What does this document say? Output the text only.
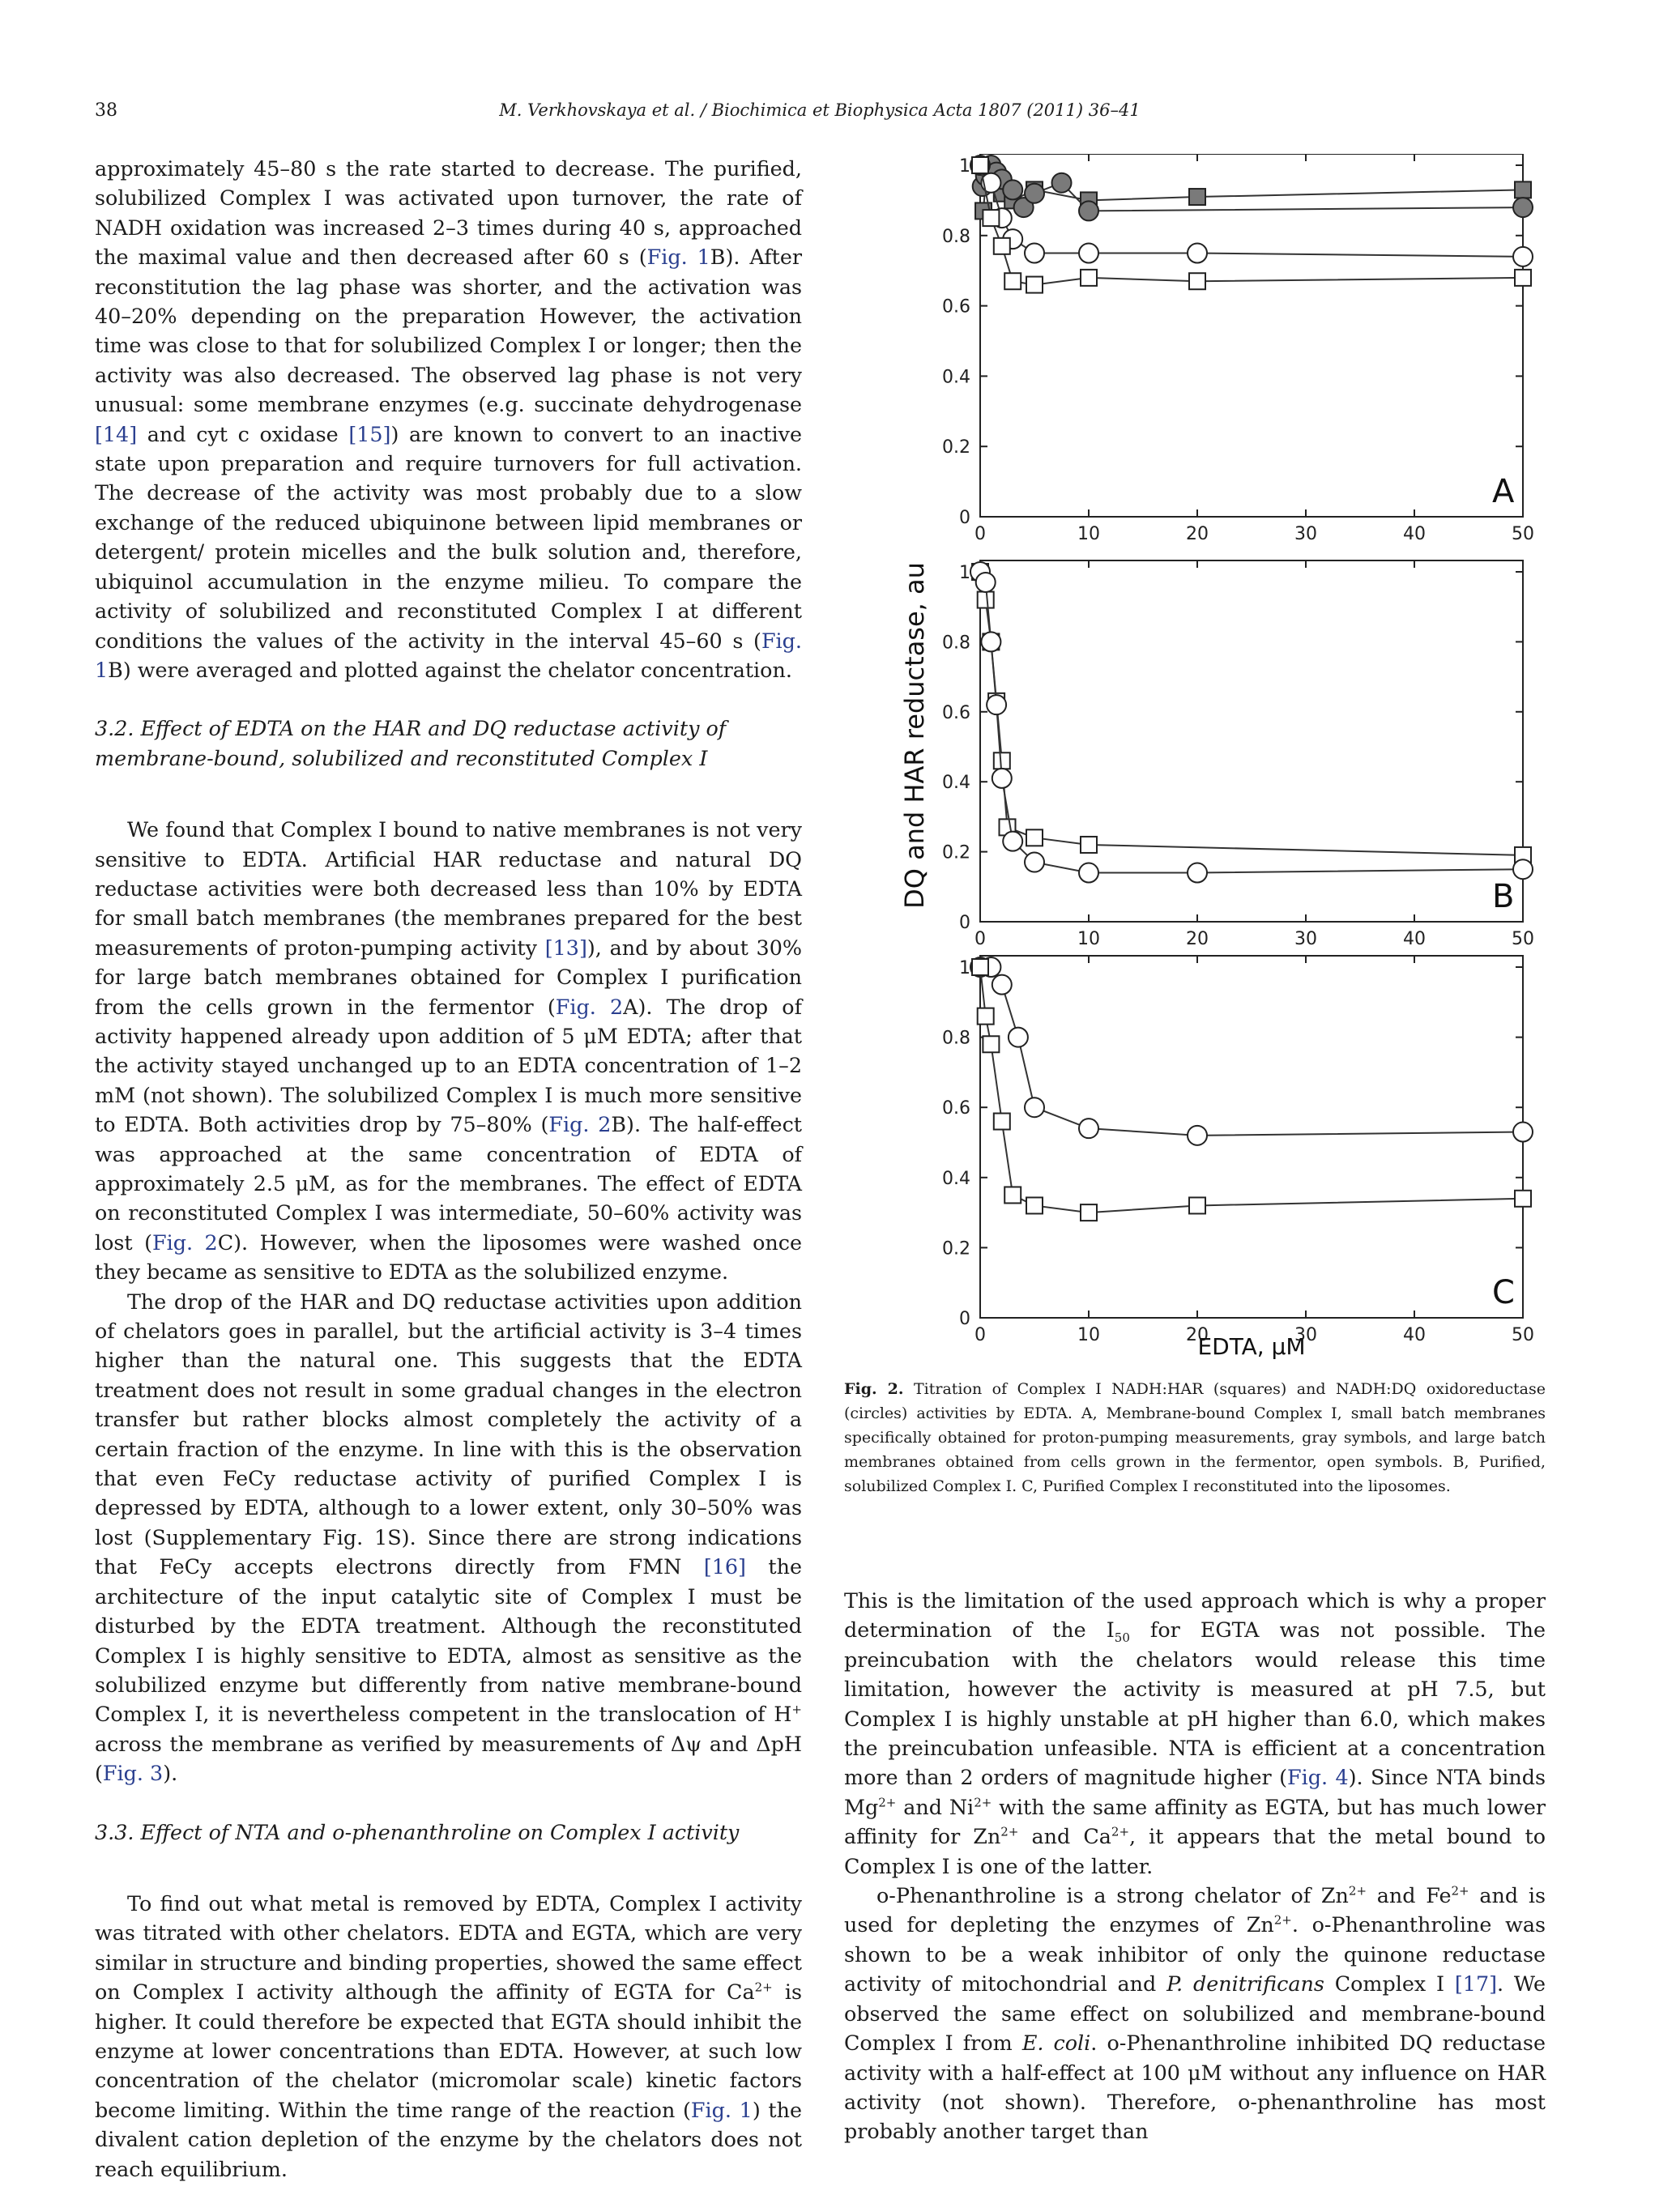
38	M. Verkhovskaya et al. / Biochimica et Biophysica Acta 1807 (2011) 36–41

approximately 45–80 s the rate started to decrease. The purified, solubilized Complex I was activated upon turnover, the rate of NADH oxidation was increased 2–3 times during 40 s, approached the maximal value and then decreased after 60 s (Fig. 1B). After reconstitution the lag phase was shorter, and the activation was 40–20% depending on the preparation However, the activation time was close to that for solubilized Complex I or longer; then the activity was also decreased. The observed lag phase is not very unusual: some membrane enzymes (e.g. succinate dehydrogenase [14] and cyt c oxidase [15]) are known to convert to an inactive state upon preparation and require turnovers for full activation. The decrease of the activity was most probably due to a slow exchange of the reduced ubiquinone between lipid membranes or detergent/ protein micelles and the bulk solution and, therefore, ubiquinol accumulation in the enzyme milieu. To compare the activity of solubilized and reconstituted Complex I at different conditions the values of the activity in the interval 45–60 s (Fig. 1B) were averaged and plotted against the chelator concentration.

3.2. Effect of EDTA on the HAR and DQ reductase activity of
membrane-bound, solubilized and reconstituted Complex I

We found that Complex I bound to native membranes is not very sensitive to EDTA. Artificial HAR reductase and natural DQ reductase activities were both decreased less than 10% by EDTA for small batch membranes (the membranes prepared for the best measurements of proton-pumping activity [13]), and by about 30% for large batch membranes obtained for Complex I purification from the cells grown in the fermentor (Fig. 2A). The drop of activity happened already upon addition of 5 μM EDTA; after that the activity stayed unchanged up to an EDTA concentration of 1–2 mM (not shown). The solubilized Complex I is much more sensitive to EDTA. Both activities drop by 75–80% (Fig. 2B). The half-effect was approached at the same concentration of EDTA of approximately 2.5 μM, as for the membranes. The effect of EDTA on reconstituted Complex I was intermediate, 50–60% activity was lost (Fig. 2C). However, when the liposomes were washed once they became as sensitive to EDTA as the solubilized enzyme.

The drop of the HAR and DQ reductase activities upon addition of chelators goes in parallel, but the artificial activity is 3–4 times higher than the natural one. This suggests that the EDTA treatment does not result in some gradual changes in the electron transfer but rather blocks almost completely the activity of a certain fraction of the enzyme. In line with this is the observation that even FeCy reductase activity of purified Complex I is depressed by EDTA, although to a lower extent, only 30–50% was lost (Supplementary Fig. 1S). Since there are strong indications that FeCy accepts electrons directly from FMN [16] the architecture of the input catalytic site of Complex I must be disturbed by the EDTA treatment. Although the reconstituted Complex I is highly sensitive to EDTA, almost as sensitive as the solubilized enzyme but differently from native membrane-bound Complex I, it is nevertheless competent in the translocation of H+ across the membrane as verified by measurements of Δψ and ΔpH (Fig. 3).

3.3. Effect of NTA and o-phenanthroline on Complex I activity

To find out what metal is removed by EDTA, Complex I activity was titrated with other chelators. EDTA and EGTA, which are very similar in structure and binding properties, showed the same effect on Complex I activity although the affinity of EGTA for $Ca^{2+}$ is higher. It could therefore be expected that EGTA should inhibit the enzyme at lower concentrations than EDTA. However, at such low concentration of the chelator (micromolar scale) kinetic factors become limiting. Within the time range of the reaction (Fig. 1) the divalent cation depletion of the enzyme by the chelators does not reach equilibrium.

0	10	20	30	40	50
0
0.2
0.4
0.6
0.8
1
A
0	10	20	30	40	50
0
0.2
0.4
0.6
0.8
1
B
0	10	20	30	40	50
0
0.2
0.4
0.6
0.8
1
C
EDTA, μM
DQ and HAR reductase, au
Fig. 2. Titration of Complex I NADH:HAR (squares) and NADH:DQ oxidoreductase (circles) activities by EDTA. A, Membrane-bound Complex I, small batch membranes specifically obtained for proton-pumping measurements, gray symbols, and large batch membranes obtained from cells grown in the fermentor, open symbols. B, Purified, solubilized Complex I. C, Purified Complex I reconstituted into the liposomes.

This is the limitation of the used approach which is why a proper determination of the $I_{50}$ for EGTA was not possible. The preincubation with the chelators would release this time limitation, however the activity is measured at pH 7.5, but Complex I is highly unstable at pH higher than 6.0, which makes the preincubation unfeasible. NTA is efficient at a concentration more than 2 orders of magnitude higher (Fig. 4). Since NTA binds $Mg^{2+}$ and $Ni^{2+}$ with the same affinity as EGTA, but has much lower affinity for $Zn^{2+}$ and $Ca^{2+}$, it appears that the metal bound to Complex I is one of the latter.

o-Phenanthroline is a strong chelator of $Zn^{2+}$ and $Fe^{2+}$ and is used for depleting the enzymes of $Zn^{2+}$. o-Phenanthroline was shown to be a weak inhibitor of only the quinone reductase activity of mitochondrial and P. denitrificans Complex I [17]. We observed the same effect on solubilized and membrane-bound Complex I from E. coli. o-Phenanthroline inhibited DQ reductase activity with a half-effect at 100 μM without any influence on HAR activity (not shown). Therefore, o-phenanthroline has most probably another target than
